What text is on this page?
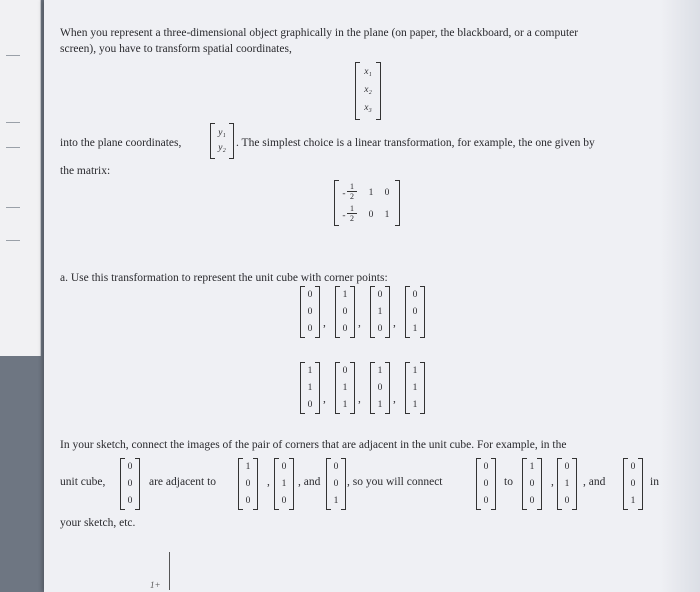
When you represent a three-dimensional object graphically in the plane (on paper, the blackboard, or a computer
screen), you have to transform spatial coordinates,
x₁
x₂
x₃
into the plane coordinates,
y₁
y₂ . The simplest choice is a linear transformation, for example, the one given by
the matrix:
-
1
2	1 0
-
1
2	0 1
a. Use this transformation to represent the unit cube with corner points:
0
0
0
,
1
0
0
,
0
1
0
,
0
0
1
1
1
0
,
0
1
1
,
1
0
1
,
1
1
1
In your sketch, connect the images of the pair of corners that are adjacent in the unit cube. For example, in the
unit cube,
0
0
0
are adjacent to
1
0
0
,
0
1
0
, and
0
0
1
, so you will connect
0
0
0
to
1
0
0
,
0
1
0
, and
0
0
1
in
your sketch, etc.
1+
